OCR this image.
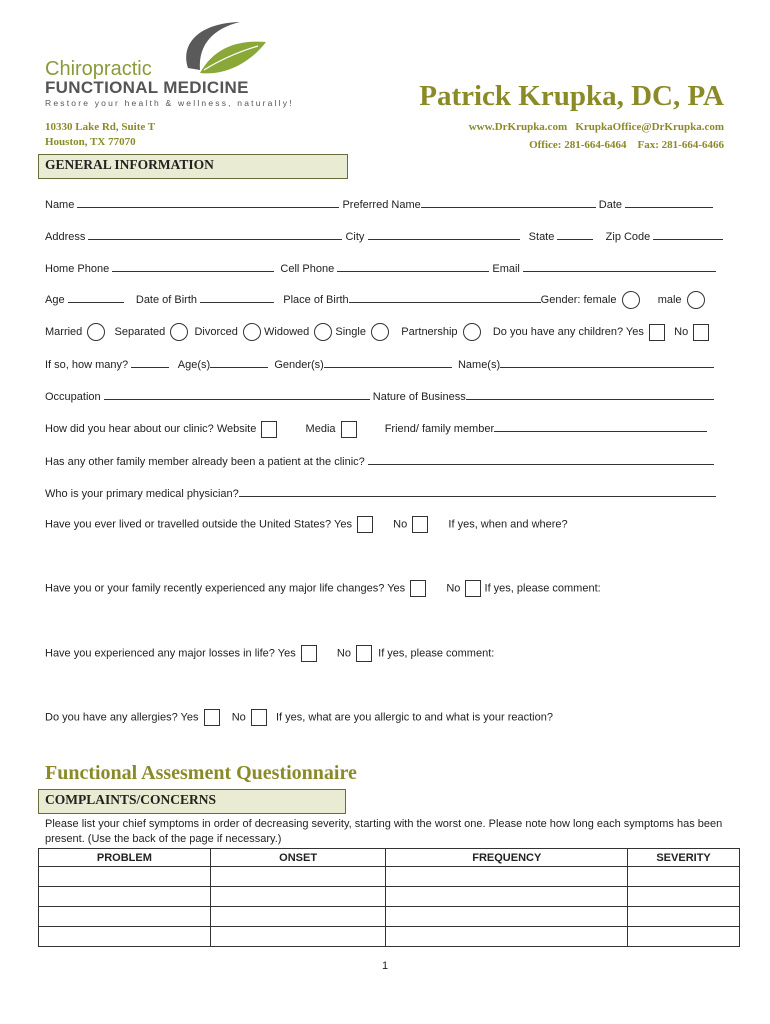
Chiropractic
FUNCTIONAL MEDICINE
Restore your health & wellness, naturally!	Patrick Krupka, DC, PA
10330 Lake Rd, Suite T
Houston, TX 77070
www.DrKrupka.com KrupkaOffice@DrKrupka.com
Office: 281-664-6464 Fax: 281-664-6466
GENERAL INFORMATION
Name	Preferred Name	Date
Address	City	State	Zip Code
Home Phone	Cell Phone	Email
Age	Date of Birth	Place of Birth	Gender: female	male
Married	Separated	Divorced Widowed Single	Partnership	Do you have any children? Yes	No
If so, how many?	Age(s)	Gender(s)	Name(s)
Occupation	Nature of Business
How did you hear about our clinic? Website	Media	Friend/ family member
Has any other family member already been a patient at the clinic?
Who is your primary medical physician?
Have you ever lived or travelled outside the United States? Yes	No	If yes, when and where?
Have you or your family recently experienced any major life changes? Yes	No If yes, please comment:
Have you experienced any major losses in life? Yes	No If yes, please comment:
Do you have any allergies? Yes	No	If yes, what are you allergic to and what is your reaction?
Functional Assesment Questionnaire
COMPLAINTS/CONCERNS
Please list your chief symptoms in order of decreasing severity, starting with the worst one. Please note how long each symptoms has been present. (Use the back of the page if necessary.)
PROBLEM	ONSET	FREQUENCY	SEVERITY

1
